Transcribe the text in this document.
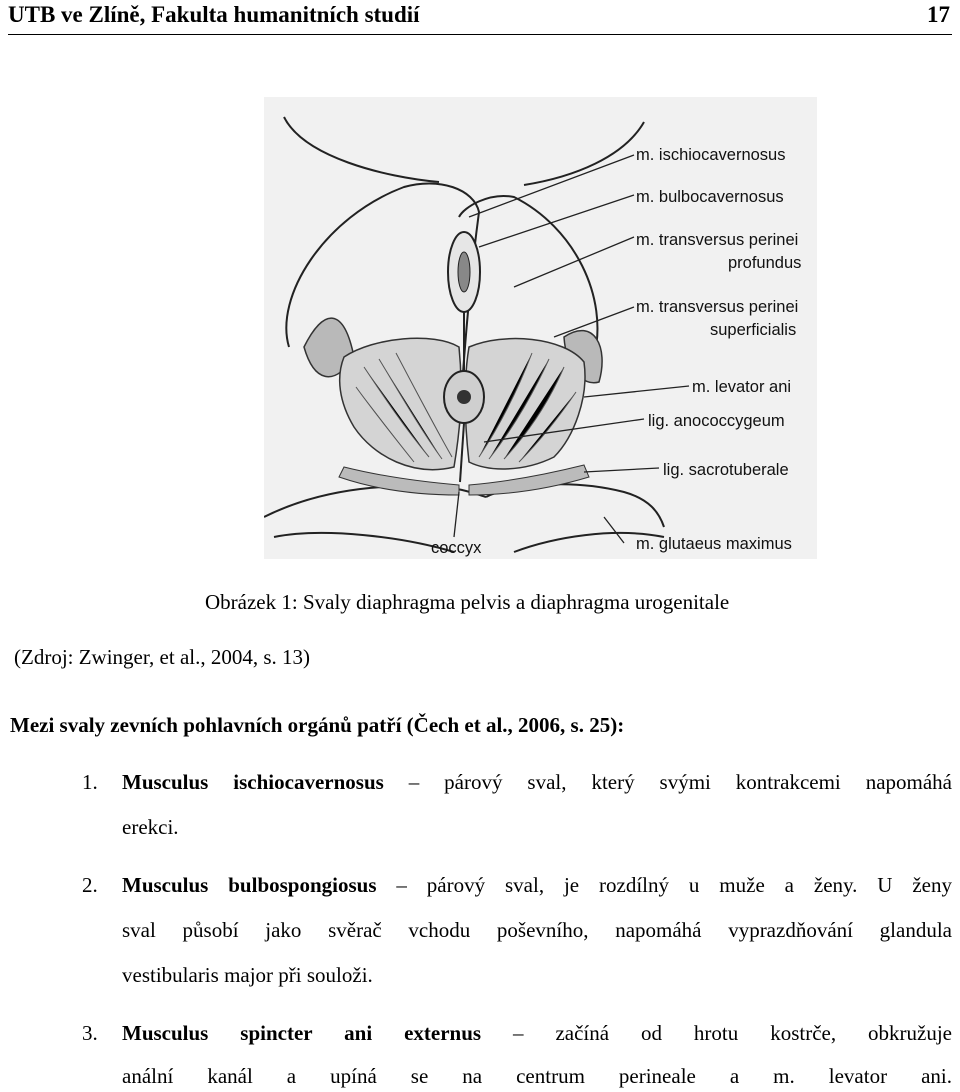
UTB ve Zlíně, Fakulta humanitních studií	17
m. ischiocavernosus
m. bulbocavernosus
m. transversus perinei
profundus
m. transversus perinei
superficialis
m. levator ani
lig. anococcygeum
lig. sacrotuberale
coccyx	m. glutaeus maximus
Obrázek 1: Svaly diaphragma pelvis a diaphragma urogenitale
(Zdroj: Zwinger, et al., 2004, s. 13)
Mezi svaly zevních pohlavních orgánů patří (Čech et al., 2006, s. 25):
1. Musculus ischiocavernosus – párový sval, který svými kontrakcemi napomáhá
erekci.
2. Musculus bulbospongiosus – párový sval, je rozdílný u muže a ženy. U ženy
sval působí jako svěrač vchodu poševního, napomáhá vyprazdňování glandula
vestibularis major při souloži.
3. Musculus spincter ani externus – začíná od hrotu kostrče, obkružuje
anální kanál a upíná se na centrum perineale a m. levator ani.
